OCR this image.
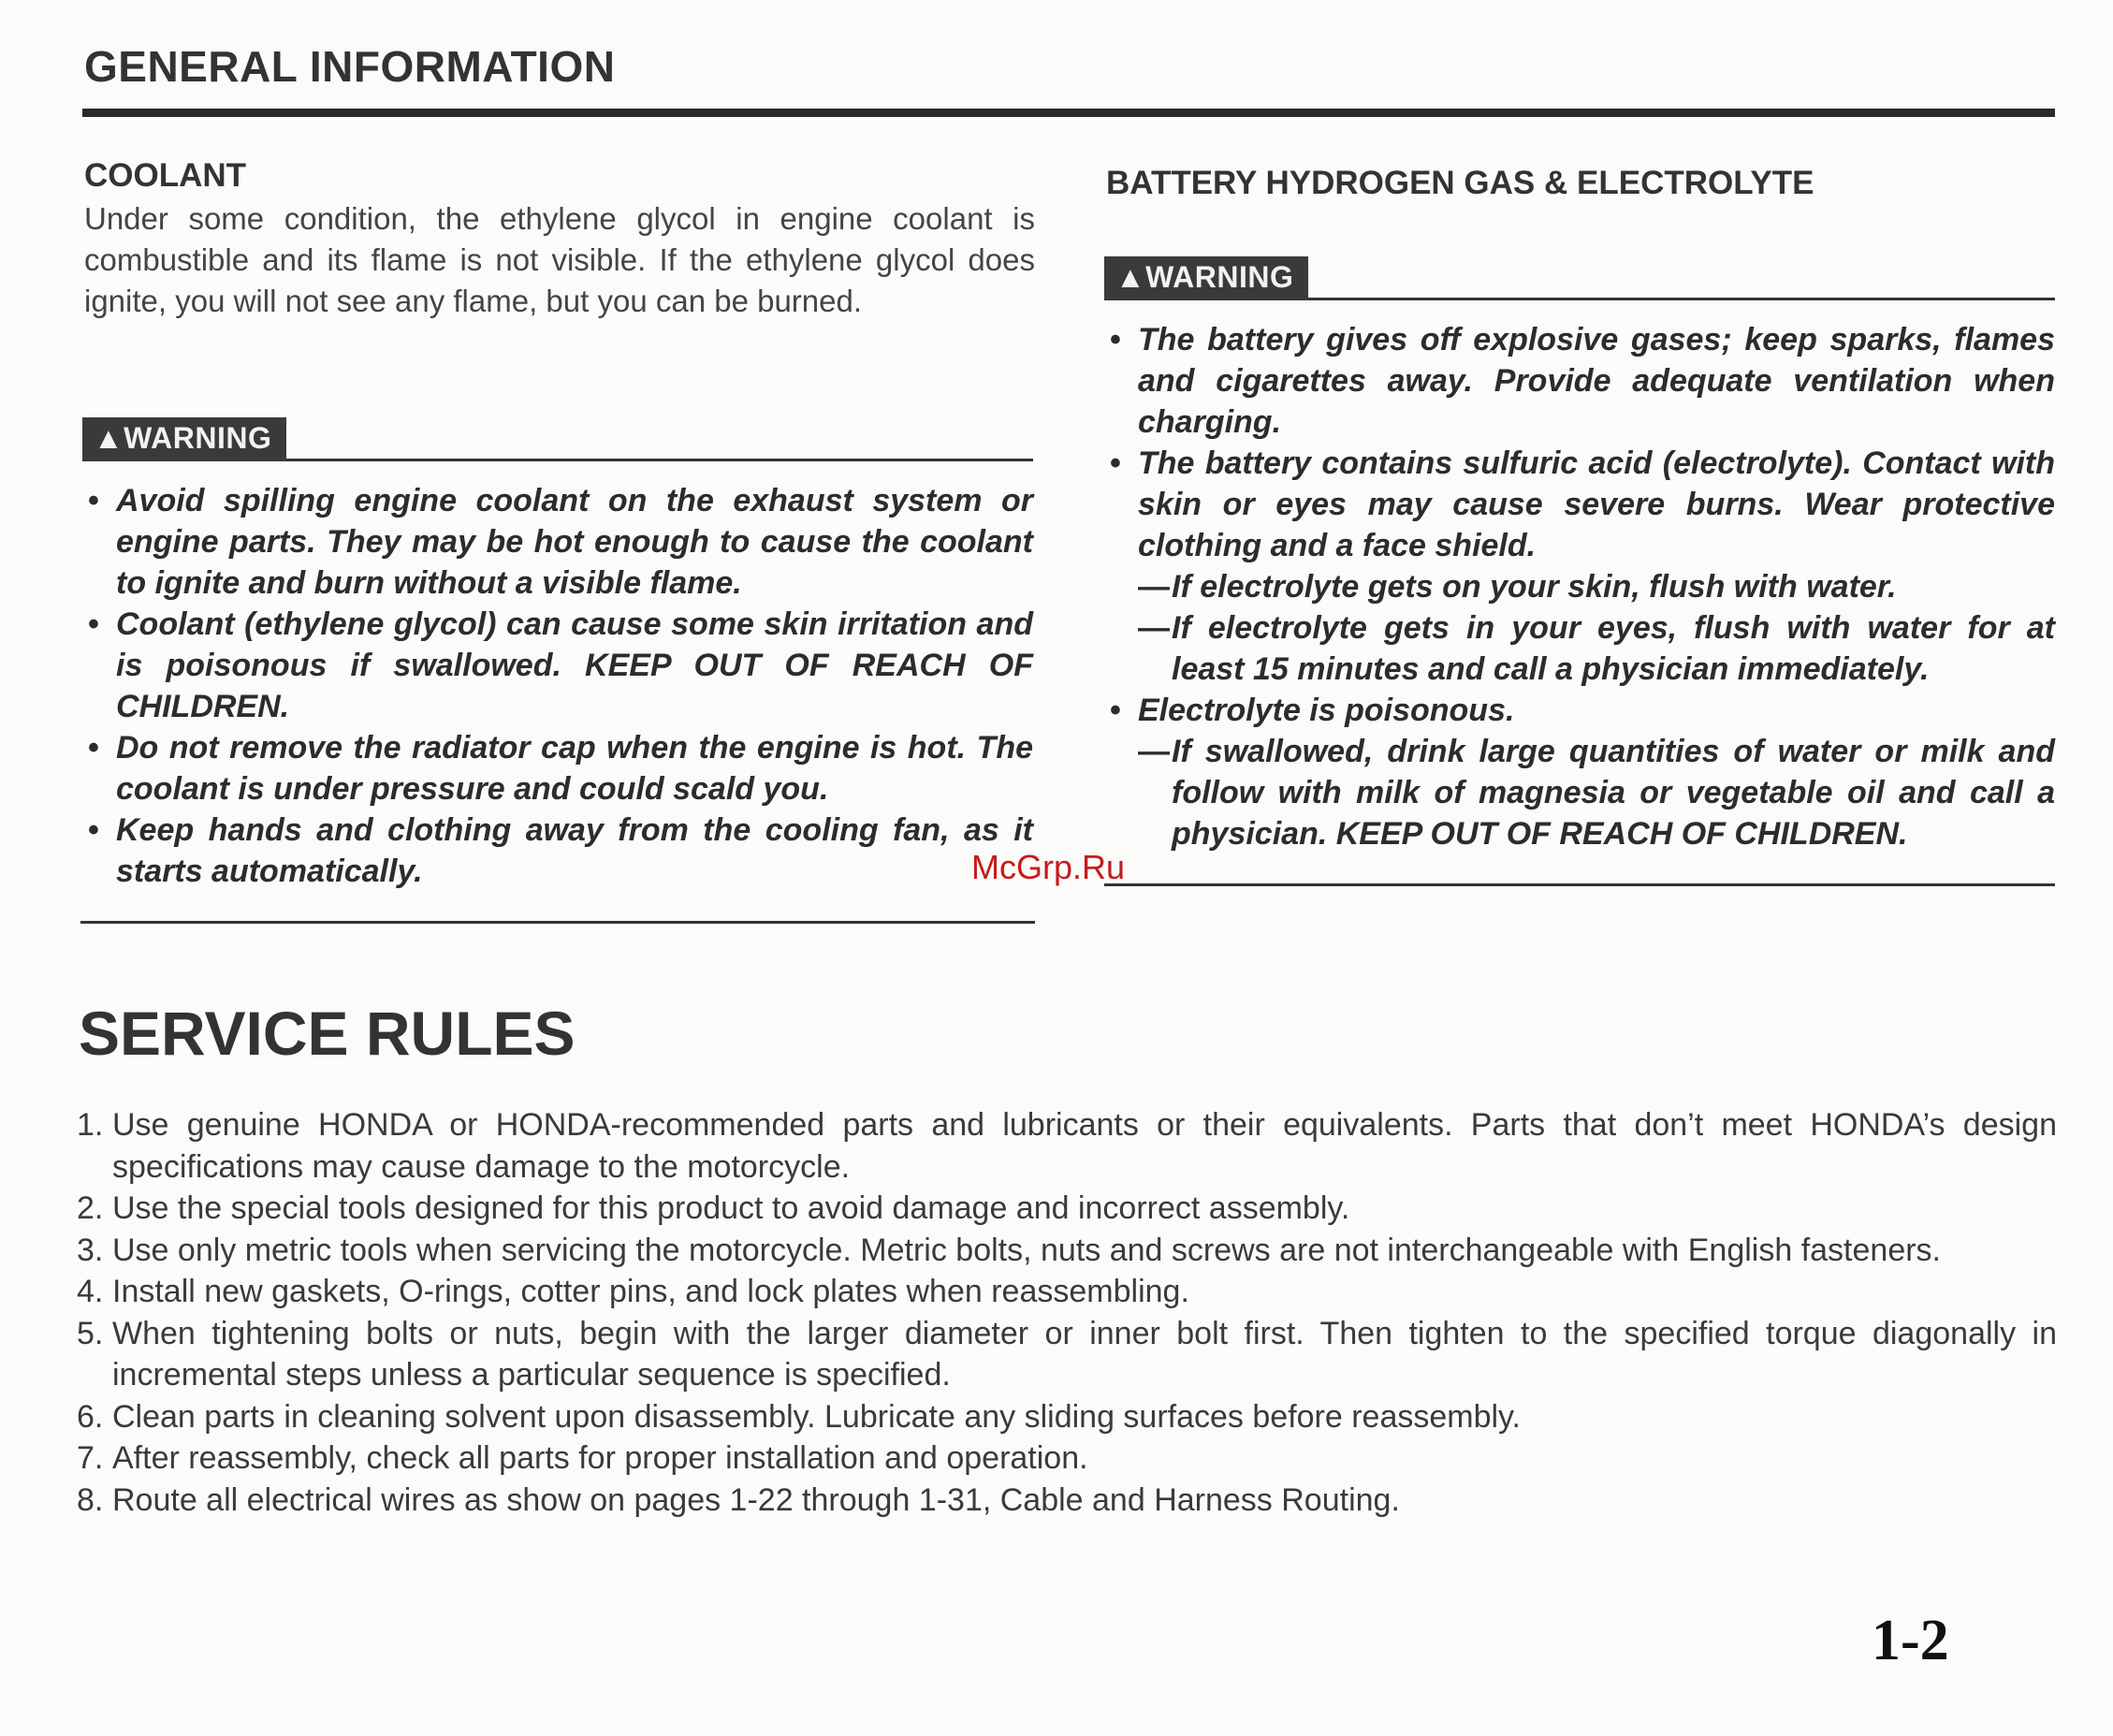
GENERAL INFORMATION
COOLANT
Under some condition, the ethylene glycol in engine coolant is combustible and its flame is not visible. If the ethylene glycol does ignite, you will not see any flame, but you can be burned.
▲WARNING
• Avoid spilling engine coolant on the exhaust system or engine parts. They may be hot enough to cause the coolant to ignite and burn without a visible flame.
• Coolant (ethylene glycol) can cause some skin irritation and is poisonous if swallowed. KEEP OUT OF REACH OF CHILDREN.
• Do not remove the radiator cap when the engine is hot. The coolant is under pressure and could scald you.
• Keep hands and clothing away from the cooling fan, as it starts automatically.
BATTERY HYDROGEN GAS & ELECTROLYTE
▲WARNING
• The battery gives off explosive gases; keep sparks, flames and cigarettes away. Provide adequate ventilation when charging.
• The battery contains sulfuric acid (electrolyte). Contact with skin or eyes may cause severe burns. Wear protective clothing and a face shield.
— If electrolyte gets on your skin, flush with water.
— If electrolyte gets in your eyes, flush with water for at least 15 minutes and call a physician immediately.
• Electrolyte is poisonous.
— If swallowed, drink large quantities of water or milk and follow with milk of magnesia or vegetable oil and call a physician. KEEP OUT OF REACH OF CHILDREN.
McGrp.Ru
SERVICE RULES
1. Use genuine HONDA or HONDA-recommended parts and lubricants or their equivalents. Parts that don’t meet HONDA’s design specifications may cause damage to the motorcycle.
2. Use the special tools designed for this product to avoid damage and incorrect assembly.
3. Use only metric tools when servicing the motorcycle. Metric bolts, nuts and screws are not interchangeable with English fasteners.
4. Install new gaskets, O-rings, cotter pins, and lock plates when reassembling.
5. When tightening bolts or nuts, begin with the larger diameter or inner bolt first. Then tighten to the specified torque diagonally in incremental steps unless a particular sequence is specified.
6. Clean parts in cleaning solvent upon disassembly. Lubricate any sliding surfaces before reassembly.
7. After reassembly, check all parts for proper installation and operation.
8. Route all electrical wires as show on pages 1-22 through 1-31, Cable and Harness Routing.
1-2
